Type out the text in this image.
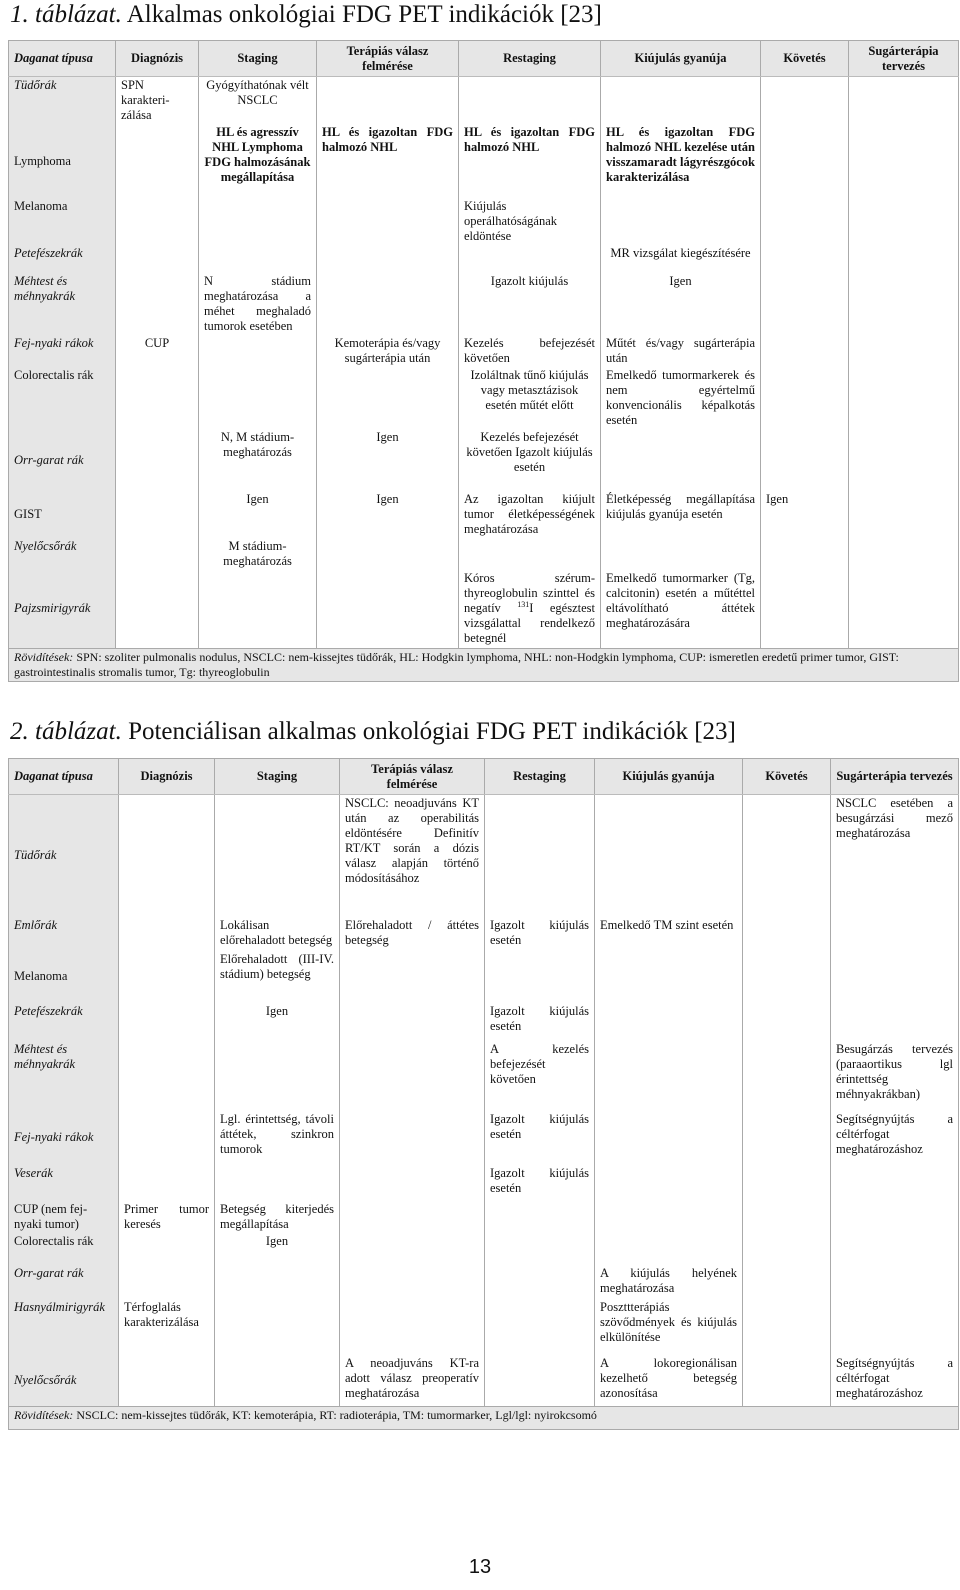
1. táblázat. Alkalmas onkológiai FDG PET indikációk [23]
Daganat típusa	Diagnózis	Staging	Terápiás válasz felmérése	Restaging	Kiújulás gyanúja	Követés	Sugárterápia tervezés
Tüdőrák	SPN karakteri-zálása	Gyógyíthatónak vélt NSCLC					
Lymphoma		HL és agresszív NHL Lymphoma FDG halmozásának megállapítása	HL és igazoltan FDG halmozó NHL	HL és igazoltan FDG halmozó NHL	HL és igazoltan FDG halmozó NHL kezelése után visszamaradt lágyrészgócok karakterizálása		
Melanoma				Kiújulás operálhatóságának eldöntése			
Petefészekrák					MR vizsgálat kiegészítésére		
Méhtest és méhnyakrák		N stádium meghatározása a méhet meghaladó tumorok esetében		Igazolt kiújulás	Igen		
Fej-nyaki rákok	CUP		Kemoterápia és/vagy sugárterápia után	Kezelés befejezését követően	Műtét és/vagy sugárterápia után		
Colorectalis rák				Izoláltnak tűnő kiújulás vagy metasztázisok esetén műtét előtt	Emelkedő tumormarkerek és nem egyértelmű konvencionális képalkotás esetén		
Orr-garat rák		N, M stádium-meghatározás	Igen	Kezelés befejezését követően Igazolt kiújulás esetén			
GIST		Igen	Igen	Az igazoltan kiújult tumor életképességének meghatározása	Életképesség megállapítása kiújulás gyanúja esetén	Igen	
Nyelőcsőrák		M stádium-meghatározás					
Pajzsmirigyrák				Kóros szérum-thyreoglobulin szinttel és negatív $^{131}$I egésztest vizsgálattal rendelkező betegnél	Emelkedő tumormarker (Tg, calcitonin) esetén a műtéttel eltávolítható áttétek meghatározására		
Rövidítések: SPN: szoliter pulmonalis nodulus, NSCLC: nem-kissejtes tüdőrák, HL: Hodgkin lymphoma, NHL: non-Hodgkin lymphoma, CUP: ismeretlen eredetű primer tumor, GIST: gastrointestinalis stromalis tumor, Tg: thyreoglobulin							
2. táblázat. Potenciálisan alkalmas onkológiai FDG PET indikációk [23]
Daganat típusa	Diagnózis	Staging	Terápiás válasz felmérése	Restaging	Kiújulás gyanúja	Követés	Sugárterápia tervezés
Tüdőrák			NSCLC: neoadjuváns KT után az operabilitás eldöntésére Definitív RT/KT során a dózis válasz alapján történő módosításához				NSCLC esetében a besugárzási mező meghatározása
Emlőrák		Lokálisan előrehaladott betegség	Előrehaladott / áttétes betegség	Igazolt kiújulás esetén	Emelkedő TM szint esetén		
Melanoma		Előrehaladott (III-IV. stádium) betegség					
Petefészekrák		Igen		Igazolt kiújulás esetén			
Méhtest és méhnyakrák				A kezelés befejezését követően			Besugárzás tervezés (paraaortikus lgl érintettség méhnyakrákban)
Fej-nyaki rákok		Lgl. érintettség, távoli áttétek, szinkron tumorok		Igazolt kiújulás esetén			Segítségnyújtás a céltérfogat meghatározáshoz
Veserák				Igazolt kiújulás esetén			
CUP (nem fej-nyaki tumor)	Primer tumor keresés	Betegség kiterjedés megállapítása					
Colorectalis rák		Igen					
Orr-garat rák					A kiújulás helyének meghatározása		
Hasnyálmirigyrák	Térfoglalás karakterizálása				Poszttterápiás szövődmények és kiújulás elkülönítése		
Nyelőcsőrák			A neoadjuváns KT-ra adott válasz preoperatív meghatározása		A lokoregionálisan kezelhető betegség azonosítása		Segítségnyújtás a céltérfogat meghatározáshoz
Rövidítések: NSCLC: nem-kissejtes tüdőrák, KT: kemoterápia, RT: radioterápia, TM: tumormarker, Lgl/lgl: nyirokcsomó							
13
